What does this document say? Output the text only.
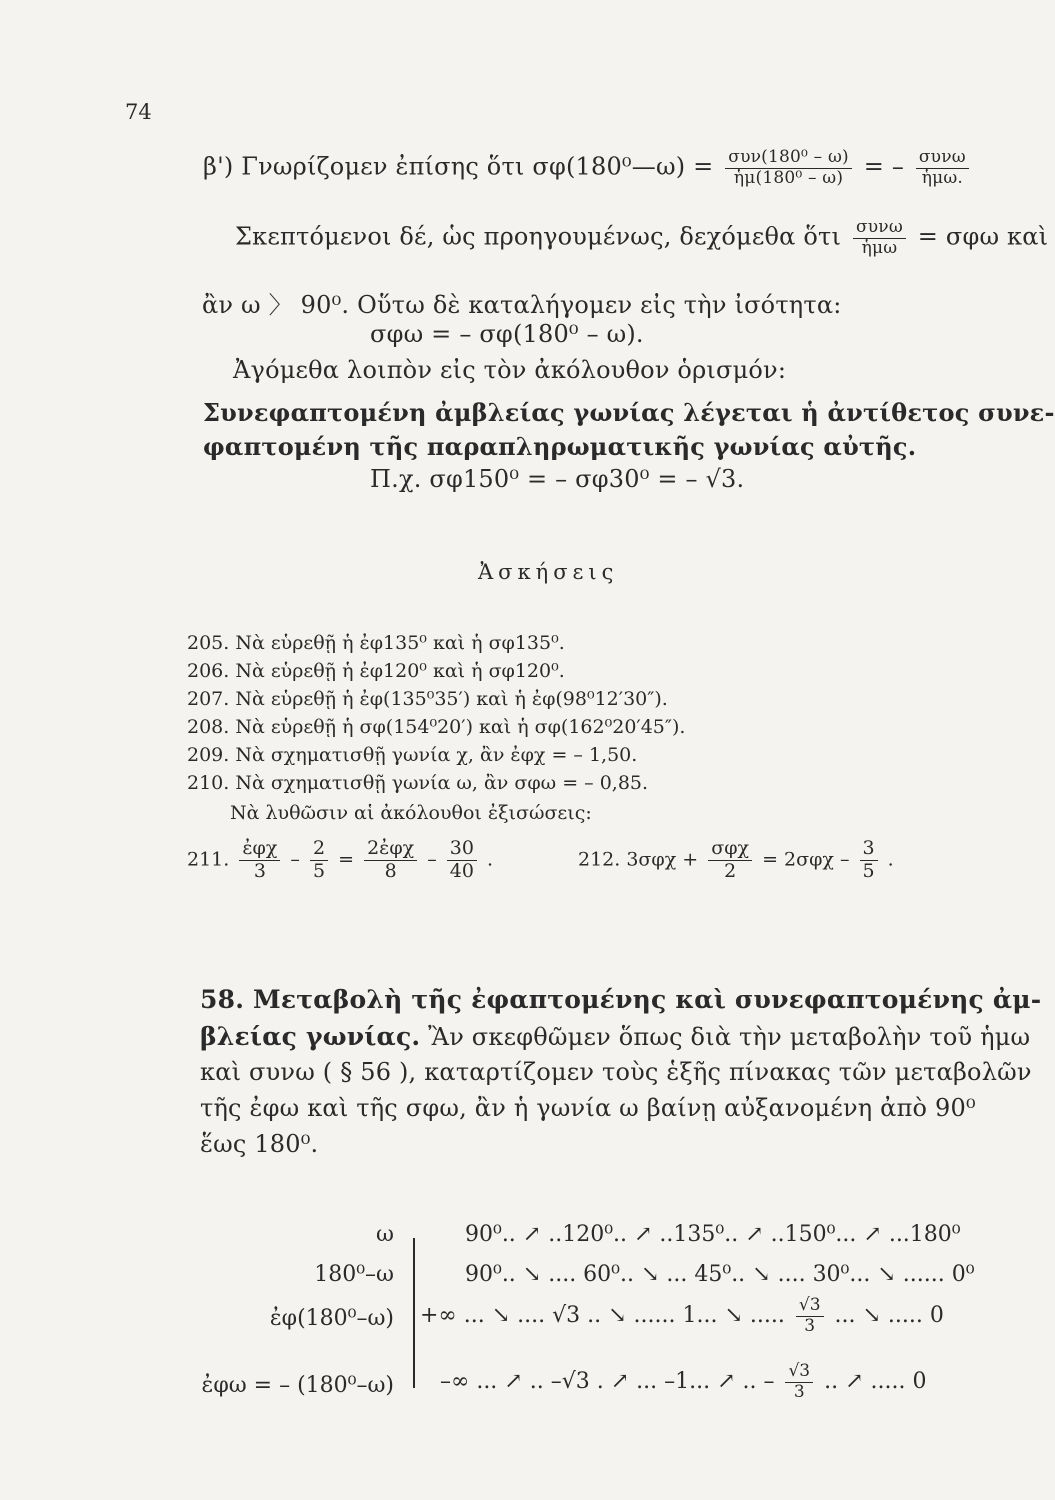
74
β') Γνωρίζομεν ἐπίσης ὅτι σφ(180⁰—ω) = $\frac{\text{συν(180⁰ – ω)}}{\text{ἡμ(180⁰ – ω)}}$ = – $\frac{\text{συνω}}{\text{ἡμω.}}$
Σκεπτόμενοι δέ, ὡς προηγουμένως, δεχόμεθα ὅτι $\frac{\text{συνω}}{\text{ἡμω}} = \sigma\varphi\omega$ καὶ
ἂν ω 〉 90⁰. Οὕτω δὲ καταλήγομεν εἰς τὴν ἰσότητα:
σφω = – σφ(180⁰ – ω).
Ἀγόμεθα λοιπὸν εἰς τὸν ἀκόλουθον ὁρισμόν:
Συνεφαπτομένη ἀμβλείας γωνίας λέγεται ἡ ἀντίθετος συνε-
φαπτομένη τῆς παραπληρωματικῆς γωνίας αὐτῆς.
Π.χ. σφ150⁰ = – σφ30⁰ = – √3.
Ἀσκήσεις
205. Νὰ εὑρεθῇ ἡ ἐφ135⁰ καὶ ἡ σφ135⁰.
206. Νὰ εὑρεθῇ ἡ ἐφ120⁰ καὶ ἡ σφ120⁰.
207. Νὰ εὑρεθῇ ἡ ἐφ(135⁰35′) καὶ ἡ ἐφ(98⁰12′30″).
208. Νὰ εὑρεθῇ ἡ σφ(154⁰20′) καὶ ἡ σφ(162⁰20′45″).
209. Νὰ σχηματισθῇ γωνία χ, ἂν ἐφχ = – 1,50.
210. Νὰ σχηματισθῇ γωνία ω, ἂν σφω = – 0,85.
Νὰ λυθῶσιν αἱ ἀκόλουθοι ἐξισώσεις:
211. $\frac{\text{ἐφχ}}{3} - \frac{2}{5} = \frac{\text{2ἐφχ}}{8} - \frac{30}{40}$ .	212. $3\sigma\varphi\chi + \frac{\text{σφχ}}{2} = 2\sigma\varphi\chi - \frac{3}{5}$ .
58. Μεταβολὴ τῆς ἐφαπτομένης καὶ συνεφαπτομένης ἀμ-
βλείας γωνίας. Ἂν σκεφθῶμεν ὅπως διὰ τὴν μεταβολὴν τοῦ ἡμω
καὶ συνω ( § 56 ), καταρτίζομεν τοὺς ἑξῆς πίνακας τῶν μεταβολῶν
τῆς ἐφω καὶ τῆς σφω, ἂν ἡ γωνία ω βαίνῃ αὐξανομένη ἀπὸ 90⁰
ἕως 180⁰.
ω	90⁰.. ↗ ..120⁰.. ↗ ..135⁰.. ↗ ..150⁰... ↗ ...180⁰
180⁰–ω	90⁰.. ↘ .... 60⁰.. ↘ ... 45⁰.. ↘ .... 30⁰... ↘ ...... 0⁰
ἐφ(180⁰–ω) +∞ ... ↘ .... √3 .. ↘ ...... 1... ↘ ..... $\frac{√3}{3}$ ... ↘ ..... 0
ἐφω = – (180⁰–ω) –∞ ... ↗ .. –√3 . ↗ ... –1... ↗ .. – $\frac{√3}{3}$ .. ↗ ..... 0
